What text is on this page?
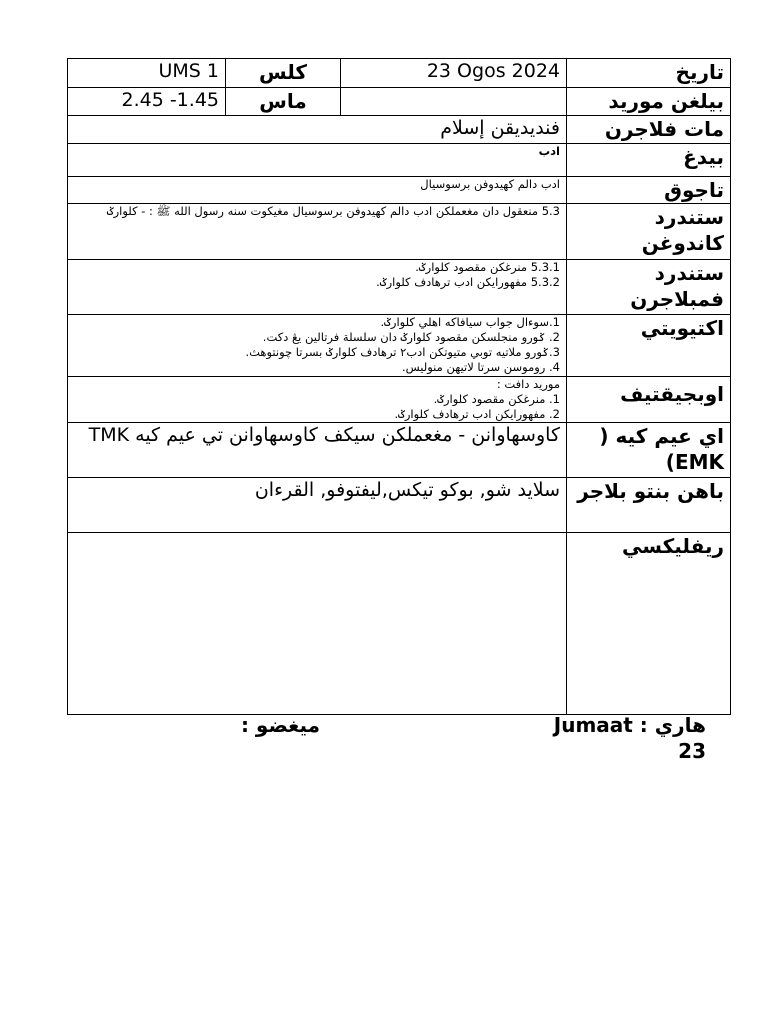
UMS 1	كلس	23 Ogos 2024	تاريخ
2.45 -1.45	ماس		بيلغن موريد
فنديديقن إسلام			مات فلاجرن
ادب			بيدغ
ادب دالم كهيدوفن برسوسيال			تاجوق
5.3 منعقول دان مغعملكن ادب دالم كهيدوفن برسوسيال مغيكوت سنه رسول الله ﷺ : - كلوارݢ			ستندرد كاندوغن

5.3.1 منرغكن مقصود كلوارݢ.
5.3.2 مفهورايكن ادب ترهادف كلوارݢ.			ستندرد فمبلاجرن

1.سوءال جواب سيافاكه اهلي كلوارݢ.
2. ݢورو منجلسكن مقصود كلوارݢ دان سلسلة فرتالين يڠ دكت.
3.ݢورو ملاتيه توبي متيوتكن ادب٢ ترهادف كلوارݢ بسرتا چونتوهث.
4. روموسن سرتا لاتيهن منوليس.			اكتيويتي

موريد دافت :
1. منرغكن مقصود كلوارݢ.
2. مفهورايكن ادب ترهادف كلوارݢ.			اوبجيقتيف
كاوسهاوانن - مغعملكن سيكف كاوسهاوانن تي عيم كيه TMK			اي عيم كيه ( EMK)
سلايد شو, بوكو تيكس,ليفتوفو, القرءان			باهن بنتو بلاجر
			ريفليكسي
هاري : Jumaat
23
ميغضو :
